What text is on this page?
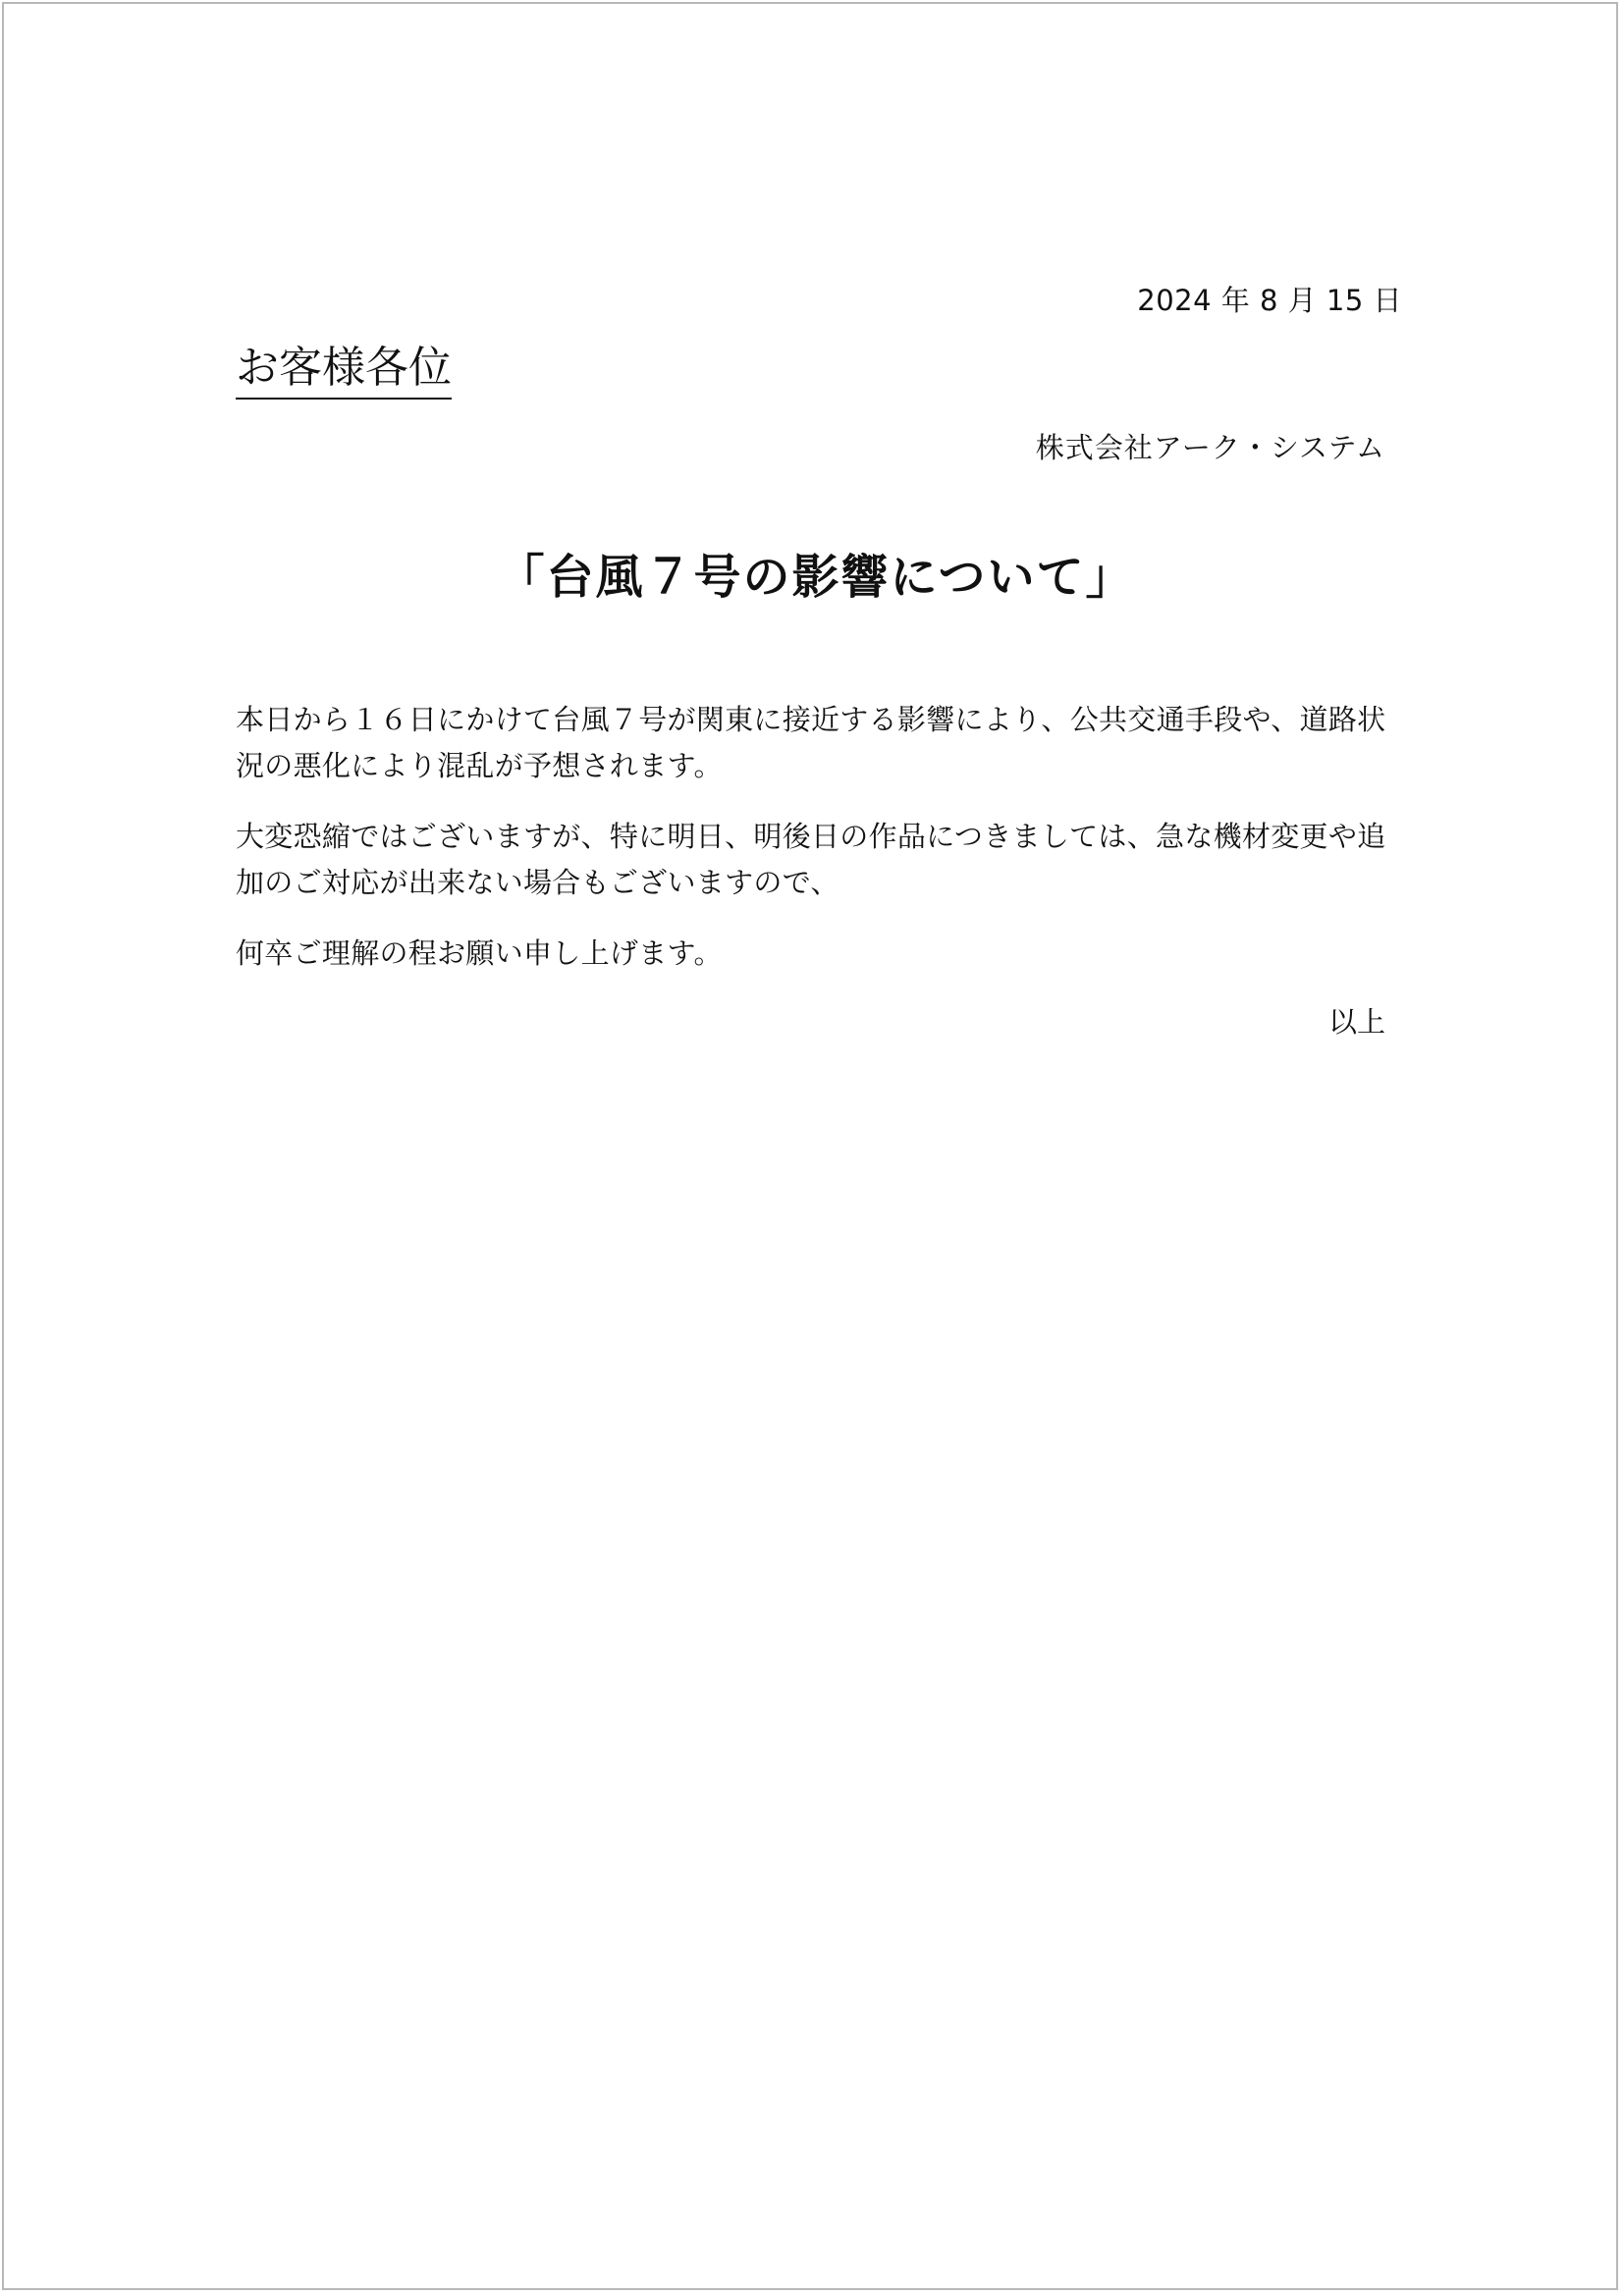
2024 年 8 月 15 日
お客様各位
株式会社アーク・システム
「台風７号の影響について」

本日から１６日にかけて台風７号が関東に接近する影響により、公共交通手段や、道路状況の悪化により混乱が予想されます。

大変恐縮ではございますが、特に明日、明後日の作品につきましては、急な機材変更や追加のご対応が出来ない場合もございますので、

何卒ご理解の程お願い申し上げます。

以上
